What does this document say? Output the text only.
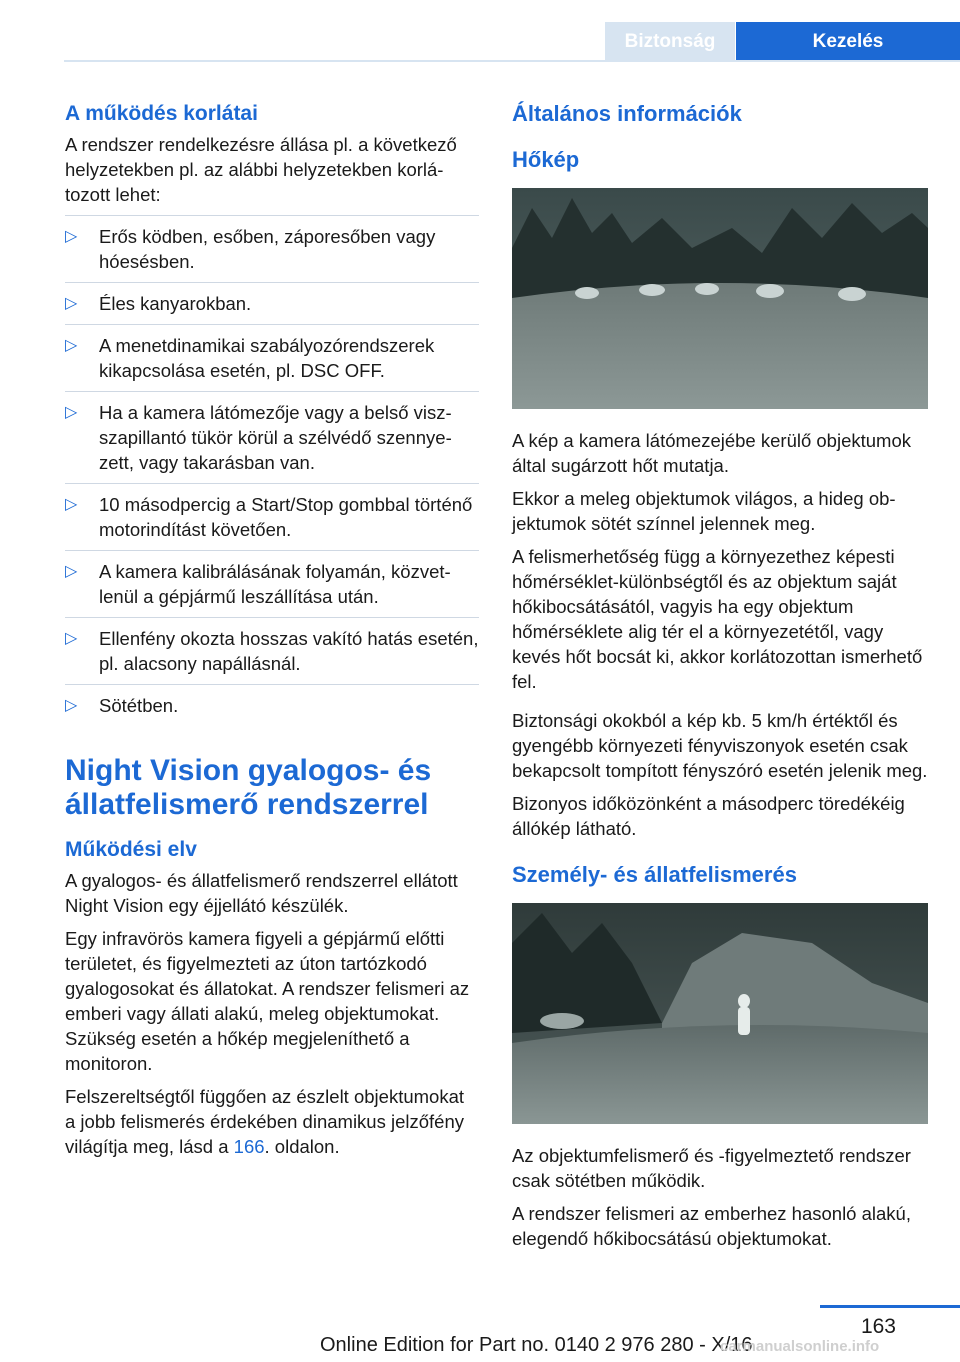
Biztonság	Kezelés
A működés korlátai

A rendszer rendelkezésre állása pl. a következő helyzetekben pl. az alábbi helyzetekben korlátozott lehet:

▷ Erős ködben, esőben, záporesőben vagy hóesésben.
▷ Éles kanyarokban.
▷ A menetdinamikai szabályozórendszerek kikapcsolása esetén, pl. DSC OFF.
▷ Ha a kamera látómezője vagy a belső viszszapillantó tükör körül a szélvédő szennyezett, vagy takarásban van.
▷ 10 másodpercig a Start/Stop gombbal történő motorindítást követően.
▷ A kamera kalibrálásának folyamán, közvetlenül a gépjármű leszállítása után.
▷ Ellenfény okozta hosszas vakító hatás esetén, pl. alacsony napállásnál.
▷ Sötétben.
Night Vision gyalogos- és állatfelismerő rendszerrel
Működési elv

A gyalogos- és állatfelismerő rendszerrel ellátott Night Vision egy éjjellátó készülék.

Egy infravörös kamera figyeli a gépjármű előtti területet, és figyelmezteti az úton tartózkodó gyalogosokat és állatokat. A rendszer felismeri az emberi vagy állati alakú, meleg objektumokat. Szükség esetén a hőkép megjeleníthető a monitoron.

Felszereltségtől függően az észlelt objektumokat a jobb felismerés érdekében dinamikus jelzőfény világítja meg, lásd a 166. oldalon.

Általános információk
Hőkép

A kép a kamera látómezejébe kerülő objektumok által sugárzott hőt mutatja.

Ekkor a meleg objektumok világos, a hideg objektumok sötét színnel jelennek meg.

A felismerhetőség függ a környezethez képesti hőmérséklet-különbségtől és az objektum saját hőkibocsátásától, vagyis ha egy objektum hőmérséklete alig tér el a környezetétől, vagy kevés hőt bocsát ki, akkor korlátozottan ismerhető fel.

Biztonsági okokból a kép kb. 5 km/h értéktől és gyengébb környezeti fényviszonyok esetén csak bekapcsolt tompított fényszóró esetén jelenik meg.

Bizonyos időközönként a másodperc töredékéig állókép látható.

Személy- és állatfelismerés

Az objektumfelismerő és -figyelmeztető rendszer csak sötétben működik.

A rendszer felismeri az emberhez hasonló alakú, elegendő hőkibocsátású objektumokat.

163
Online Edition for Part no. 0140 2 976 280 - X/16
carmanualsonline.info
